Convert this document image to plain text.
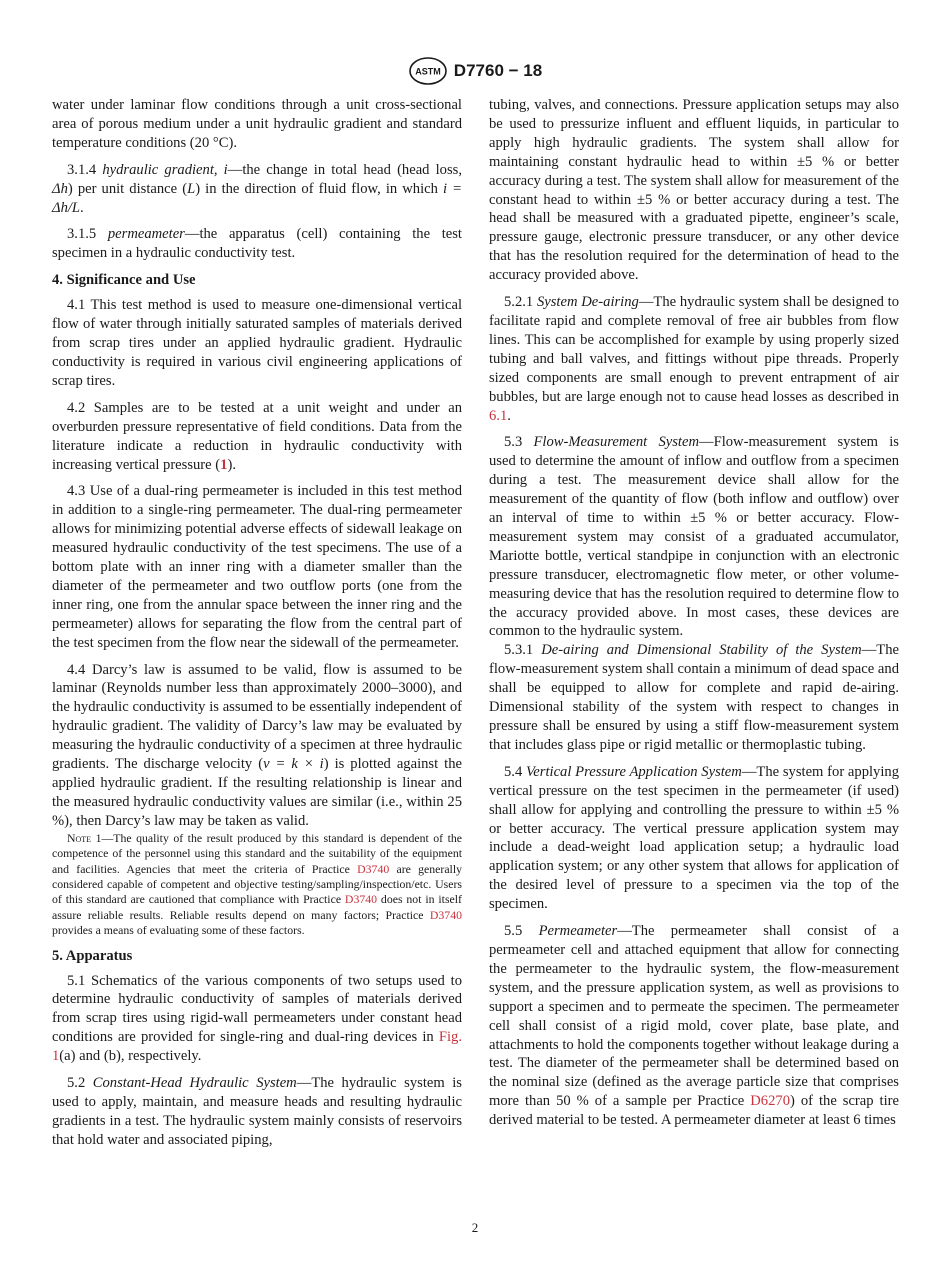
ASTM D7760 − 18

water under laminar flow conditions through a unit cross-sectional area of porous medium under a unit hydraulic gradient and standard temperature conditions (20 °C).

3.1.4 hydraulic gradient, i—the change in total head (head loss, Δh) per unit distance (L) in the direction of fluid flow, in which i = Δh/L.

3.1.5 permeameter—the apparatus (cell) containing the test specimen in a hydraulic conductivity test.

4. Significance and Use

4.1 This test method is used to measure one-dimensional vertical flow of water through initially saturated samples of materials derived from scrap tires under an applied hydraulic gradient. Hydraulic conductivity is required in various civil engineering applications of scrap tires.

4.2 Samples are to be tested at a unit weight and under an overburden pressure representative of field conditions. Data from the literature indicate a reduction in hydraulic conductivity with increasing vertical pressure (1).

4.3 Use of a dual-ring permeameter is included in this test method in addition to a single-ring permeameter. The dual-ring permeameter allows for minimizing potential adverse effects of sidewall leakage on measured hydraulic conductivity of the test specimens. The use of a bottom plate with an inner ring with a diameter smaller than the diameter of the permeameter and two outflow ports (one from the inner ring, one from the annular space between the inner ring and the permeameter) allows for separating the flow from the central part of the test specimen from the flow near the sidewall of the permeameter.

4.4 Darcy’s law is assumed to be valid, flow is assumed to be laminar (Reynolds number less than approximately 2000–3000), and the hydraulic conductivity is assumed to be essentially independent of hydraulic gradient. The validity of Darcy’s law may be evaluated by measuring the hydraulic conductivity of a specimen at three hydraulic gradients. The discharge velocity (v = k × i) is plotted against the applied hydraulic gradient. If the resulting relationship is linear and the measured hydraulic conductivity values are similar (i.e., within 25 %), then Darcy’s law may be taken as valid.

Note 1—The quality of the result produced by this standard is dependent of the competence of the personnel using this standard and the suitability of the equipment and facilities. Agencies that meet the criteria of Practice D3740 are generally considered capable of competent and objective testing/sampling/inspection/etc. Users of this standard are cautioned that compliance with Practice D3740 does not in itself assure reliable results. Reliable results depend on many factors; Practice D3740 provides a means of evaluating some of these factors.

5. Apparatus

5.1 Schematics of the various components of two setups used to determine hydraulic conductivity of samples of materials derived from scrap tires using rigid-wall permeameters under constant head conditions are provided for single-ring and dual-ring devices in Fig. 1(a) and (b), respectively.

5.2 Constant-Head Hydraulic System—The hydraulic system is used to apply, maintain, and measure heads and resulting hydraulic gradients in a test. The hydraulic system mainly consists of reservoirs that hold water and associated piping,

tubing, valves, and connections. Pressure application setups may also be used to pressurize influent and effluent liquids, in particular to apply high hydraulic gradients. The system shall allow for maintaining constant hydraulic head to within ±5 % or better accuracy during a test. The system shall allow for measurement of the constant head to within ±5 % or better accuracy during a test. The head shall be measured with a graduated pipette, engineer’s scale, pressure gauge, electronic pressure transducer, or any other device that has the resolution required for the determination of head to the accuracy provided above.

5.2.1 System De-airing—The hydraulic system shall be designed to facilitate rapid and complete removal of free air bubbles from flow lines. This can be accomplished for example by using properly sized tubing and ball valves, and fittings without pipe threads. Properly sized components are small enough to prevent entrapment of air bubbles, but are large enough not to cause head losses as described in 6.1.

5.3 Flow-Measurement System—Flow-measurement system is used to determine the amount of inflow and outflow from a specimen during a test. The measurement device shall allow for the measurement of the quantity of flow (both inflow and outflow) over an interval of time to within ±5 % or better accuracy. Flow-measurement system may consist of a graduated accumulator, Mariotte bottle, vertical standpipe in conjunction with an electronic pressure transducer, electromagnetic flow meter, or other volume-measuring device that has the resolution required to determine flow to the accuracy provided above. In most cases, these devices are common to the hydraulic system.

5.3.1 De-airing and Dimensional Stability of the System—The flow-measurement system shall contain a minimum of dead space and shall be equipped to allow for complete and rapid de-airing. Dimensional stability of the system with respect to changes in pressure shall be ensured by using a stiff flow-measurement system that includes glass pipe or rigid metallic or thermoplastic tubing.

5.4 Vertical Pressure Application System—The system for applying vertical pressure on the test specimen in the permeameter (if used) shall allow for applying and controlling the pressure to within ±5 % or better accuracy. The vertical pressure application system may include a dead-weight load application setup; a hydraulic load application system; or any other system that allows for application of the desired level of pressure to a specimen via the top of the specimen.

5.5 Permeameter—The permeameter shall consist of a permeameter cell and attached equipment that allow for connecting the permeameter to the hydraulic system, the flow-measurement system, and the pressure application system, as well as provisions to support a specimen and to permeate the specimen. The permeameter cell shall consist of a rigid mold, cover plate, base plate, and attachments to hold the components together without leakage during a test. The diameter of the permeameter shall be determined based on the nominal size (defined as the average particle size that comprises more than 50 % of a sample per Practice D6270) of the scrap tire derived material to be tested. A permeameter diameter at least 6 times

2
